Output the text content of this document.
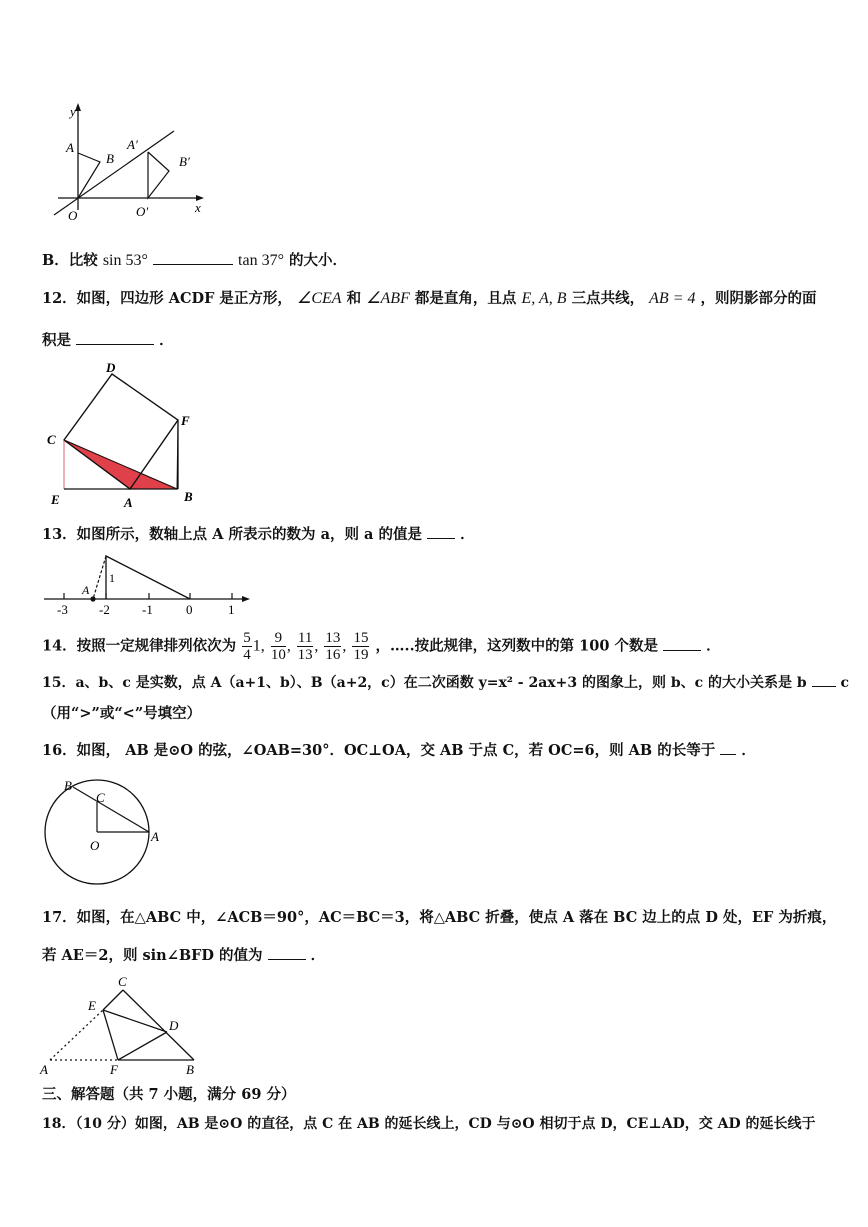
y
x
A
B
O
A′
B′
O′
B．比较 sin 53°	tan 37° 的大小．
12．如图，四边形 ACDF 是正方形， ∠CEA 和 ∠ABF 都是直角，且点 E, A, B 三点共线， AB = 4 ，则阴影部分的面
积是	．
D
F
C
E	A	B
13．如图所示，数轴上点 A 所表示的数为 a，则 a 的值是	．
A
1
-3 -2 -1	0	1
14．按照一定规律排列依次为 $\frac{5}{4} 1$, $\frac{9}{10}$ , $\frac{11}{13}$ , $\frac{13}{16}$ , $\frac{15}{19}$ ，…..按此规律，这列数中的第 100 个数是	．
15．a、b、c 是实数，点 A（a+1、b）、B（a+2，c）在二次函数 y=x² - 2ax+3 的图象上，则 b、c 的大小关系是 b c
（用“>”或“<”号填空）
16．如图， AB 是⊙O 的弦，∠OAB=30°．OC⊥OA，交 AB 于点 C，若 OC=6，则 AB 的长等于 ．
B
C
O
A
17．如图，在△ABC 中，∠ACB＝90°，AC＝BC＝3，将△ABC 折叠，使点 A 落在 BC 边上的点 D 处，EF 为折痕，
若 AE＝2，则 sin∠BFD 的值为	．
C
E
D
A	F	B
三、解答题（共 7 小题，满分 69 分）
18．（10 分）如图，AB 是⊙O 的直径，点 C 在 AB 的延长线上，CD 与⊙O 相切于点 D，CE⊥AD，交 AD 的延长线于
